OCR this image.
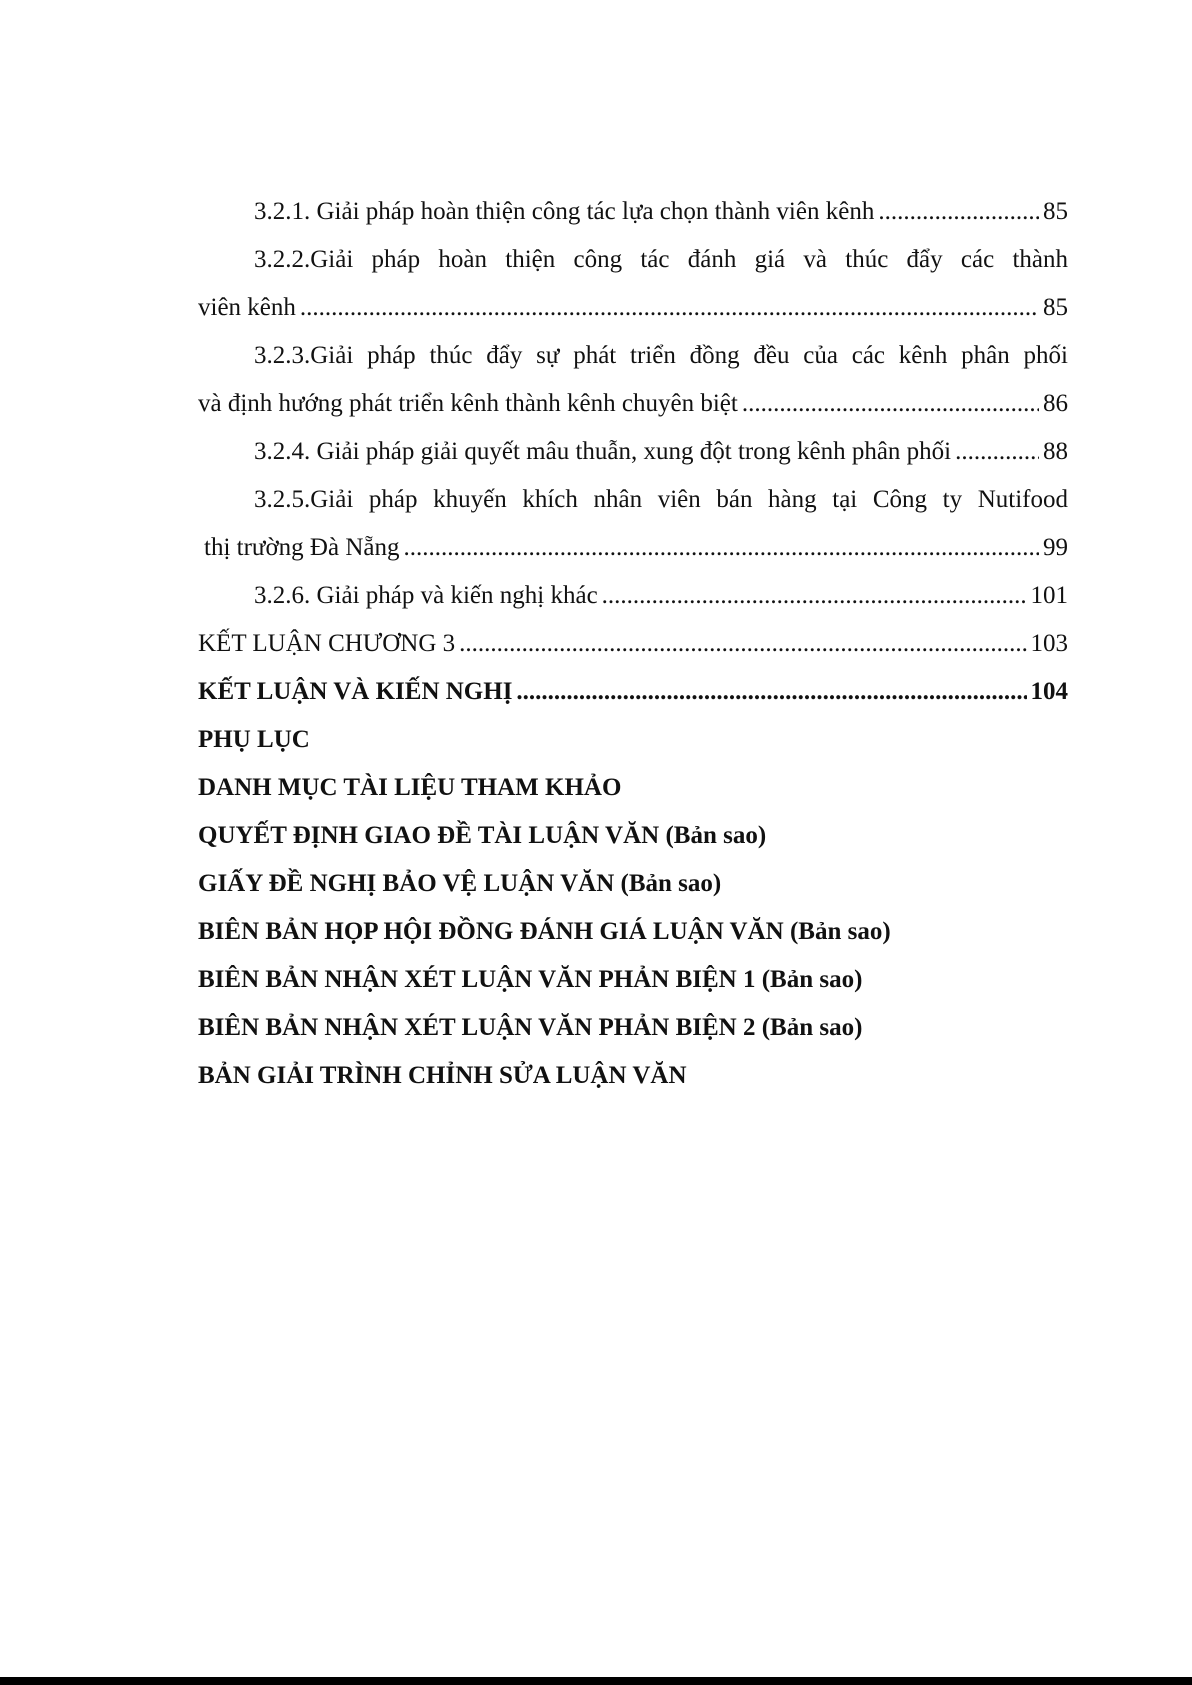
3.2.1. Giải pháp hoàn thiện công tác lựa chọn thành viên kênh .....	85
3.2.2.Giải pháp hoàn thiện công tác đánh giá và thúc đẩy các thành
viên kênh .....	85
3.2.3.Giải pháp thúc đẩy sự phát triển đồng đều của các kênh phân phối
và định hướng phát triển kênh thành kênh chuyên biệt .....	86
3.2.4. Giải pháp giải quyết mâu thuẫn, xung đột trong kênh phân phối .....	88
3.2.5.Giải pháp khuyến khích nhân viên bán hàng tại Công ty Nutifood
thị trường Đà Nẵng .....	99
3.2.6. Giải pháp và kiến nghị khác .....	101
KẾT LUẬN CHƯƠNG 3 .....	103
KẾT LUẬN VÀ KIẾN NGHỊ .....	104
PHỤ LỤC
DANH MỤC TÀI LIỆU THAM KHẢO
QUYẾT ĐỊNH GIAO ĐỀ TÀI LUẬN VĂN (Bản sao)
GIẤY ĐỀ NGHỊ BẢO VỆ LUẬN VĂN (Bản sao)
BIÊN BẢN HỌP HỘI ĐỒNG ĐÁNH GIÁ LUẬN VĂN (Bản sao)
BIÊN BẢN NHẬN XÉT LUẬN VĂN PHẢN BIỆN 1 (Bản sao)
BIÊN BẢN NHẬN XÉT LUẬN VĂN PHẢN BIỆN 2 (Bản sao)
BẢN GIẢI TRÌNH CHỈNH SỬA LUẬN VĂN
